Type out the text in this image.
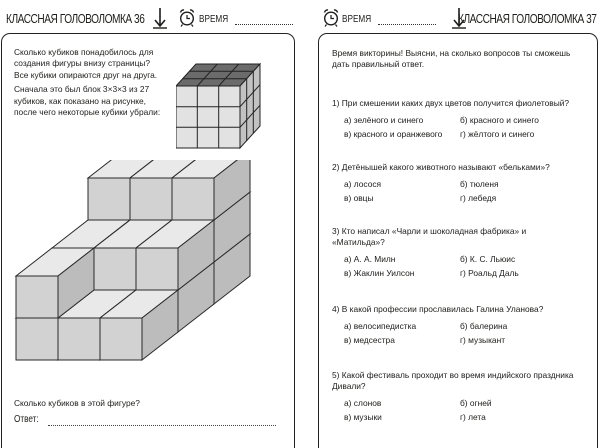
КЛАССНАЯ ГОЛОВОЛОМКА 36	ВРЕМЯ

Сколько кубиков понадобилось для создания фигуры внизу страницы? Все кубики опираются друг на друга.

Сначала это был блок 3×3×3 из 27 кубиков, как показано на рисунке, после чего некоторые кубики убрали:

Сколько кубиков в этой фигуре?
Ответ:
ВРЕМЯ	КЛАССНАЯ ГОЛОВОЛОМКА 37
Время викторины! Выясни, на сколько вопросов ты сможешь дать правильный ответ.
1) При смешении каких двух цветов получится фиолетовый?
а) зелёного и синего	б) красного и синего
в) красного и оранжевого	г) жёлтого и синего
2) Детёнышей какого животного называют «бельками»?
а) лосося	б) тюленя
в) овцы	г) лебедя
3) Кто написал «Чарли и шоколадная фабрика» и «Матильда»?
а) А. А. Милн	б) К. С. Льюис
в) Жаклин Уилсон	г) Роальд Даль
4) В какой профессии прославилась Галина Уланова?
а) велосипедистка	б) балерина
в) медсестра	г) музыкант
5) Какой фестиваль проходит во время индийского праздника Дивали?
а) слонов	б) огней
в) музыки	г) лета
